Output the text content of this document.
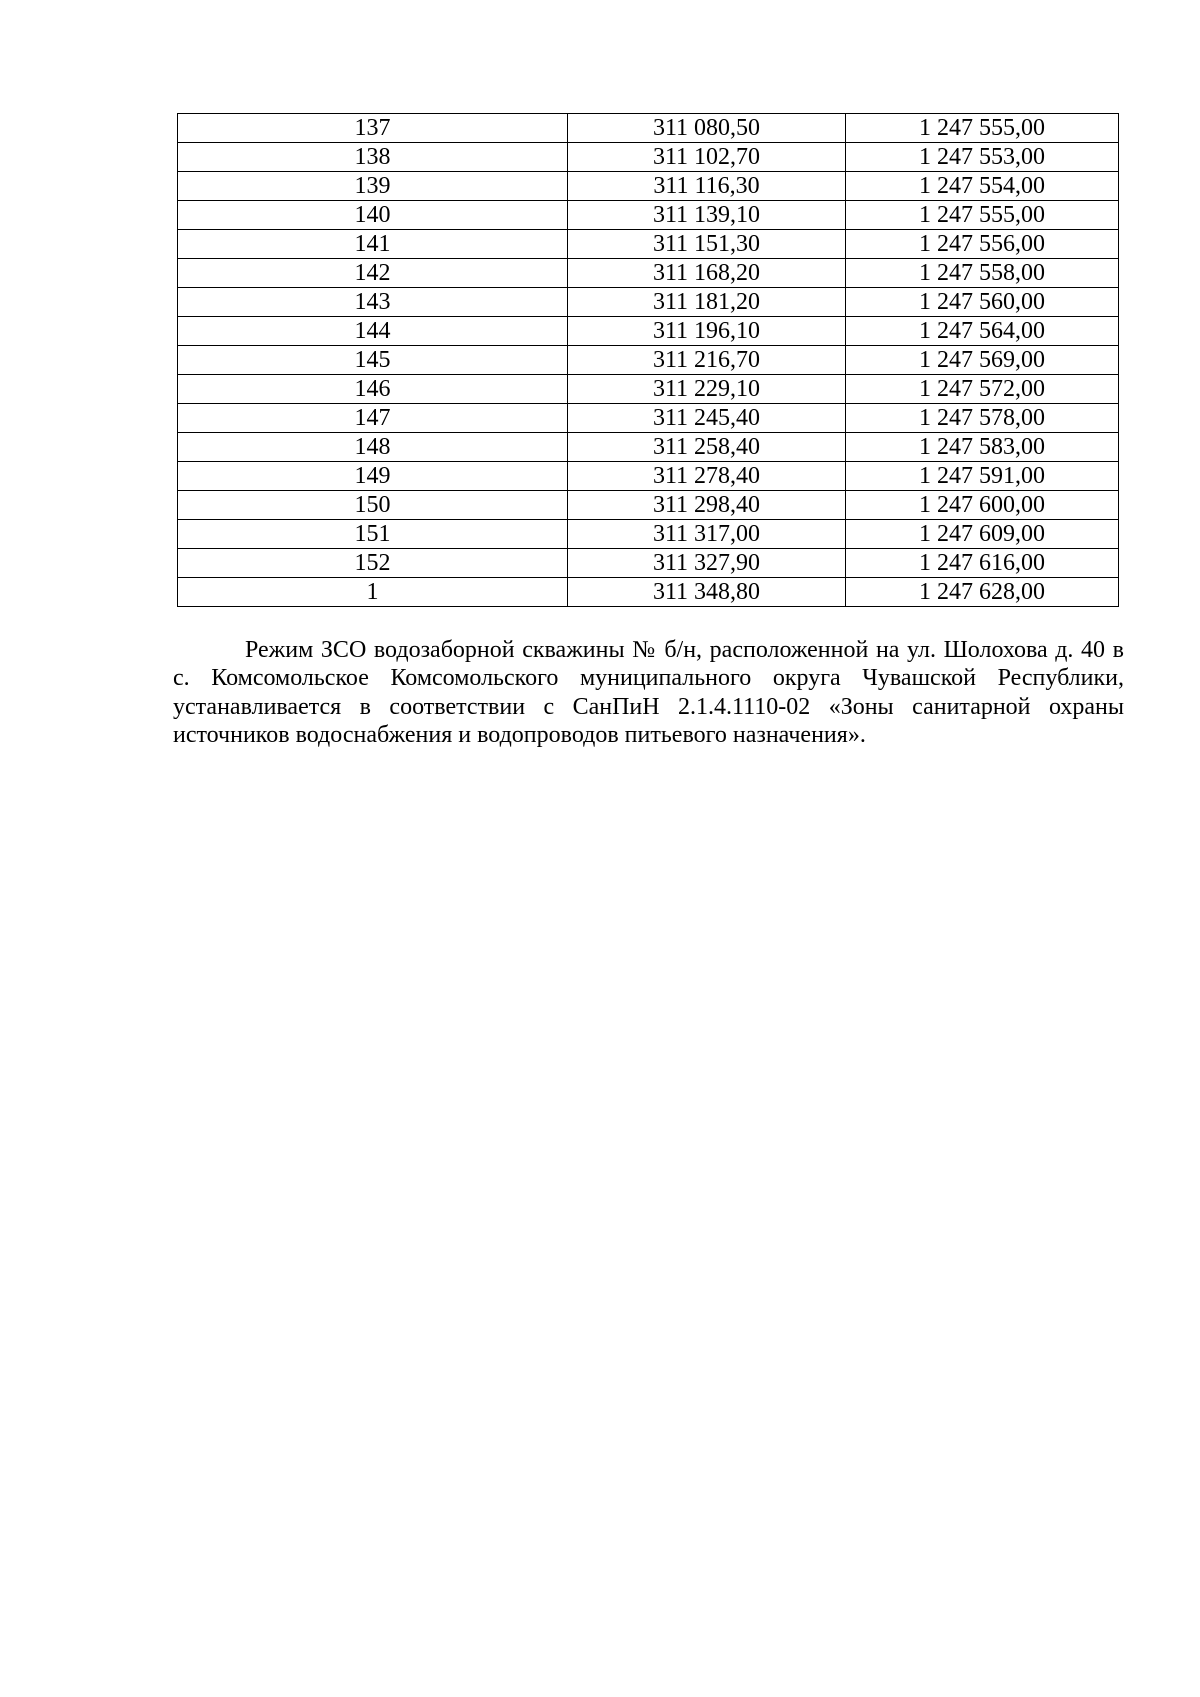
137	311 080,50	1 247 555,00
138	311 102,70	1 247 553,00
139	311 116,30	1 247 554,00
140	311 139,10	1 247 555,00
141	311 151,30	1 247 556,00
142	311 168,20	1 247 558,00
143	311 181,20	1 247 560,00
144	311 196,10	1 247 564,00
145	311 216,70	1 247 569,00
146	311 229,10	1 247 572,00
147	311 245,40	1 247 578,00
148	311 258,40	1 247 583,00
149	311 278,40	1 247 591,00
150	311 298,40	1 247 600,00
151	311 317,00	1 247 609,00
152	311 327,90	1 247 616,00
1	311 348,80	1 247 628,00

Режим ЗСО водозаборной скважины № б/н, расположенной на ул. Шолохова д. 40 в с. Комсомольское Комсомольского муниципального округа Чувашской Республики, устанавливается в соответствии с СанПиН 2.1.4.1110-02 «Зоны санитарной охраны источников водоснабжения и водопроводов питьевого назначения».
